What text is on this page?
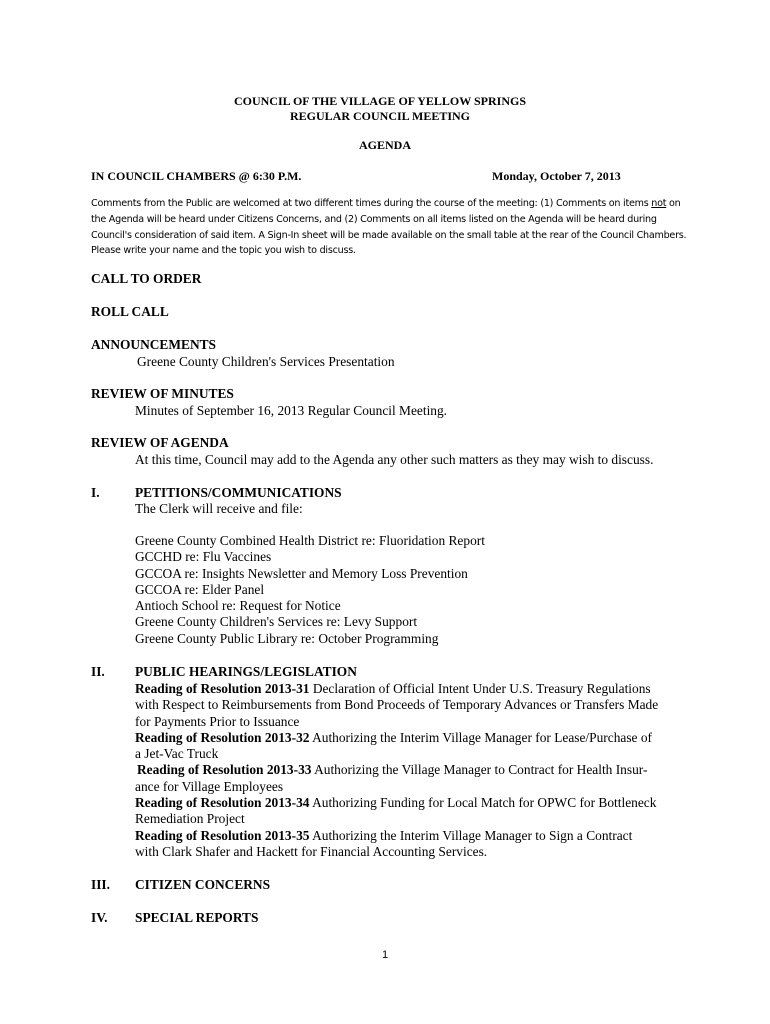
COUNCIL OF THE VILLAGE OF YELLOW SPRINGS
REGULAR COUNCIL MEETING
AGENDA
IN COUNCIL CHAMBERS @ 6:30 P.M.	Monday, October 7, 2013
Comments from the Public are welcomed at two different times during the course of the meeting: (1) Comments on items not on the Agenda will be heard under Citizens Concerns, and (2) Comments on all items listed on the Agenda will be heard during Council's consideration of said item. A Sign-In sheet will be made available on the small table at the rear of the Council Chambers. Please write your name and the topic you wish to discuss.
CALL TO ORDER
ROLL CALL
ANNOUNCEMENTS
Greene County Children's Services Presentation
REVIEW OF MINUTES
Minutes of September 16, 2013 Regular Council Meeting.
REVIEW OF AGENDA
At this time, Council may add to the Agenda any other such matters as they may wish to discuss.
I.	PETITIONS/COMMUNICATIONS
The Clerk will receive and file:
Greene County Combined Health District re: Fluoridation Report
GCCHD re: Flu Vaccines
GCCOA re: Insights Newsletter and Memory Loss Prevention
GCCOA re: Elder Panel
Antioch School re: Request for Notice
Greene County Children's Services re: Levy Support
Greene County Public Library re: October Programming
II. PUBLIC HEARINGS/LEGISLATION
Reading of Resolution 2013-31 Declaration of Official Intent Under U.S. Treasury Regulations
with Respect to Reimbursements from Bond Proceeds of Temporary Advances or Transfers Made
for Payments Prior to Issuance
Reading of Resolution 2013-32 Authorizing the Interim Village Manager for Lease/Purchase of
a Jet-Vac Truck
Reading of Resolution 2013-33 Authorizing the Village Manager to Contract for Health Insur-
ance for Village Employees
Reading of Resolution 2013-34 Authorizing Funding for Local Match for OPWC for Bottleneck
Remediation Project
Reading of Resolution 2013-35 Authorizing the Interim Village Manager to Sign a Contract
with Clark Shafer and Hackett for Financial Accounting Services.
III. CITIZEN CONCERNS
IV. SPECIAL REPORTS
1
